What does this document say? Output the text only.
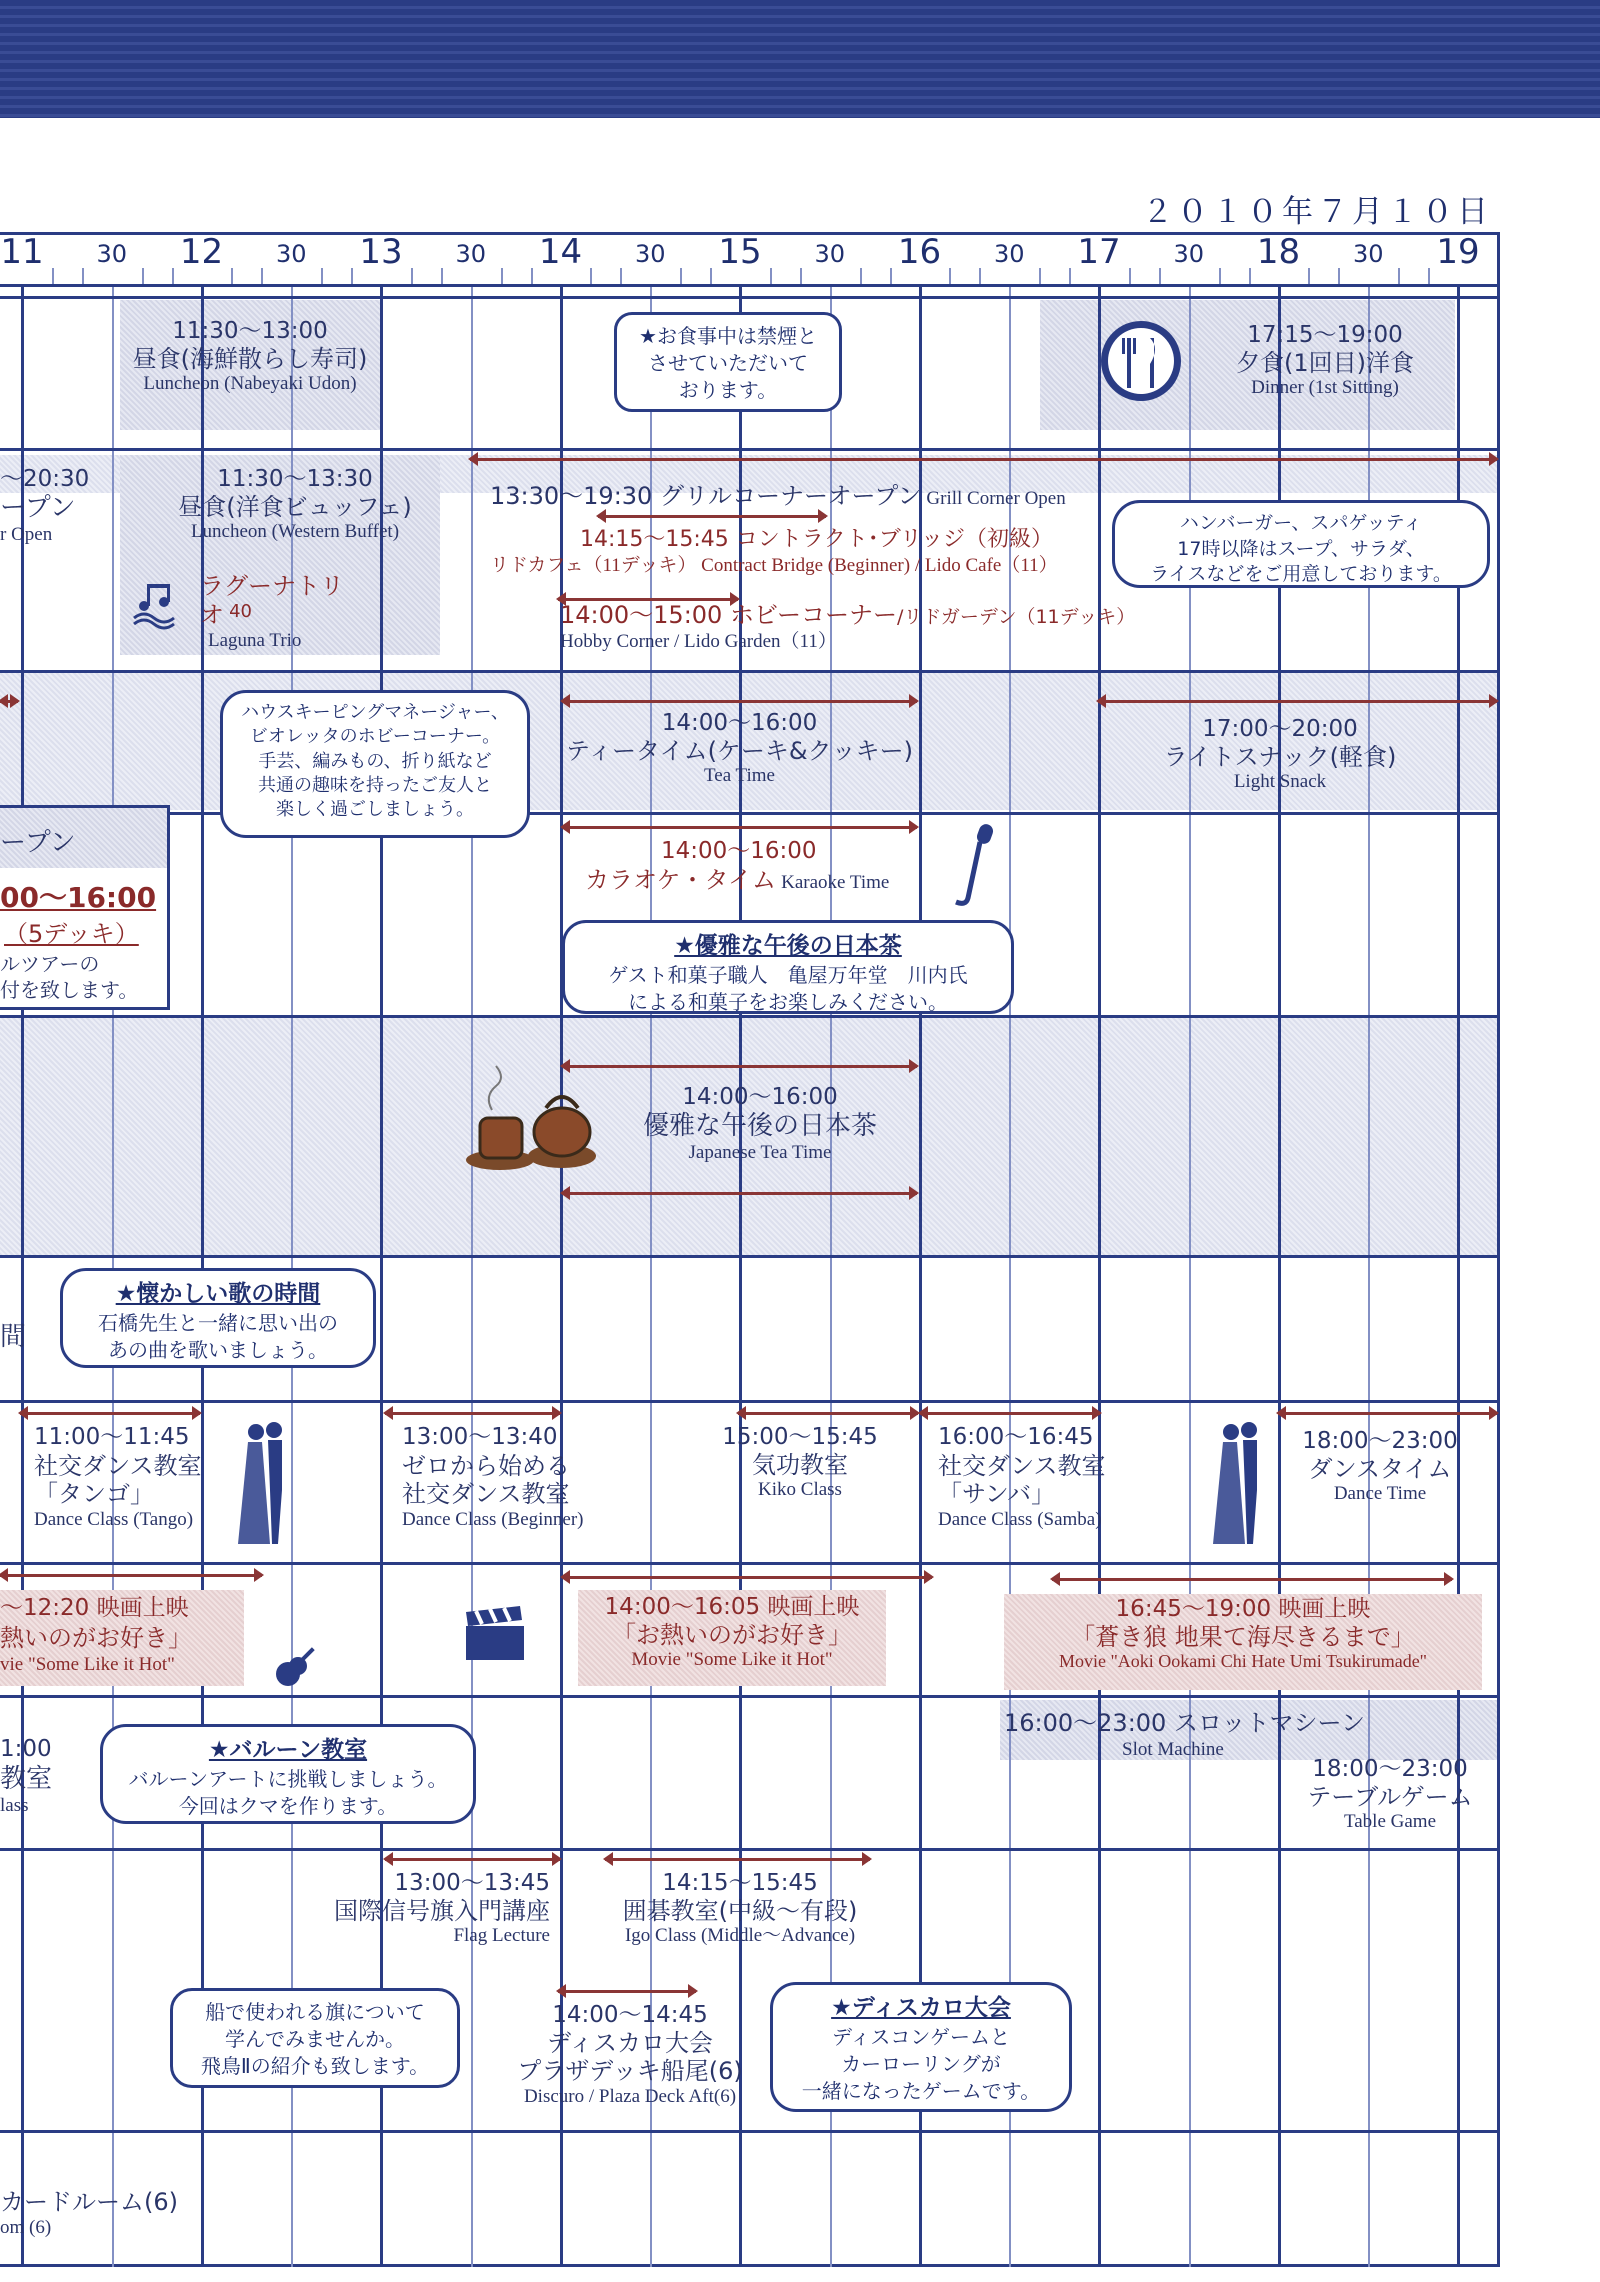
２０１０年７月１０日
11 30 12 30 13 30 14 30 15 30 16 30 17 30 18 30 19
11:30〜13:00
昼食(海鮮散らし寿司)
Luncheon (Nabeyaki Udon)
★お食事中は禁煙と
させていただいて
おります。
17:15〜19:00
夕食(1回目)洋食
Dinner (1st Sitting)
〜20:30
ープン
r Open
11:30〜13:30
昼食(洋食ビュッフェ)
Luncheon (Western Buffet)
ラグーナトリオ 40
Laguna Trio
13:30〜19:30 グリルコーナーオープン Grill Corner Open
14:15〜15:45 コントラクト･ブリッジ（初級）
リドカフェ（11デッキ） Contract Bridge (Beginner) / Lido Cafe（11）
ハンバーガー、スパゲッティ
17時以降はスープ、サラダ、
ライスなどをご用意しております。
14:00〜15:00 ホビーコーナー/リドガーデン（11デッキ）
Hobby Corner / Lido Garden（11）
ハウスキーピングマネージャー、
ビオレッタのホビーコーナー。
手芸、編みもの、折り紙など
共通の趣味を持ったご友人と
楽しく過ごしましょう。
14:00〜16:00
ティータイム(ケーキ&クッキー)
Tea Time
17:00〜20:00
ライトスナック(軽食)
Light Snack
ープン
00〜16:00
（5デッキ）
ルツアーの
付を致します。
14:00〜16:00
カラオケ・タイム Karaoke Time
★優雅な午後の日本茶
ゲスト和菓子職人　亀屋万年堂　川内氏
による和菓子をお楽しみください。
14:00〜16:00
優雅な午後の日本茶
Japanese Tea Time
間
★懐かしい歌の時間
石橋先生と一緒に思い出の
あの曲を歌いましょう。
11:00〜11:45
社交ダンス教室
「タンゴ」
Dance Class (Tango)
13:00〜13:40
ゼロから始める
社交ダンス教室
Dance Class (Beginner)
15:00〜15:45
気功教室
Kiko Class
16:00〜16:45
社交ダンス教室
「サンバ」
Dance Class (Samba)
18:00〜23:00
ダンスタイム
Dance Time
〜12:20 映画上映
熱いのがお好き」
vie "Some Like it Hot"
14:00〜16:05 映画上映
「お熱いのがお好き」
Movie "Some Like it Hot"
16:45〜19:00 映画上映
「蒼き狼 地果て海尽きるまで」
Movie "Aoki Ookami Chi Hate Umi Tsukirumade"
16:00〜23:00 スロットマシーン
Slot Machine
1:00
教室
lass
★バルーン教室
バルーンアートに挑戦しましょう。
今回はクマを作ります。
18:00〜23:00
テーブルゲーム
Table Game
13:00〜13:45
国際信号旗入門講座
Flag Lecture
14:15〜15:45
囲碁教室(中級〜有段)
Igo Class (Middle〜Advance)
船で使われる旗について
学んでみませんか。
飛鳥Ⅱの紹介も致します。
14:00〜14:45
ディスカロ大会
プラザデッキ船尾(6)
Discuro / Plaza Deck Aft(6)
★ディスカロ大会
ディスコンゲームと
カーローリングが
一緒になったゲームです。
カードルーム(6)
om (6)
